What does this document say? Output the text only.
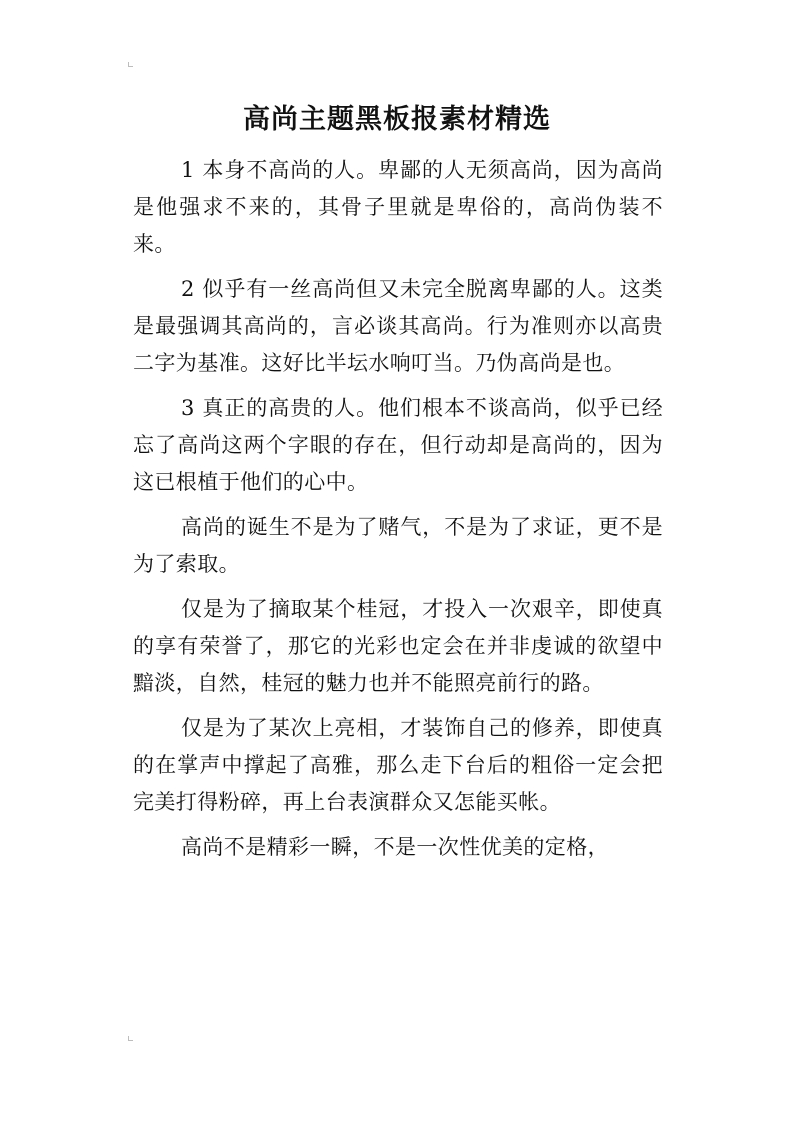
高尚主题黑板报素材精选

1 本身不高尚的人。卑鄙的人无须高尚，因为高尚是他强求不来的，其骨子里就是卑俗的，高尚伪装不来。

2 似乎有一丝高尚但又未完全脱离卑鄙的人。这类是最强调其高尚的，言必谈其高尚。行为准则亦以高贵二字为基准。这好比半坛水响叮当。乃伪高尚是也。

3 真正的高贵的人。他们根本不谈高尚，似乎已经忘了高尚这两个字眼的存在，但行动却是高尚的，因为这已根植于他们的心中。

高尚的诞生不是为了赌气，不是为了求证，更不是为了索取。

仅是为了摘取某个桂冠，才投入一次艰辛，即使真的享有荣誉了，那它的光彩也定会在并非虔诚的欲望中黯淡，自然，桂冠的魅力也并不能照亮前行的路。

仅是为了某次上亮相，才装饰自己的修养，即使真的在掌声中撑起了高雅，那么走下台后的粗俗一定会把完美打得粉碎，再上台表演群众又怎能买帐。

高尚不是精彩一瞬，不是一次性优美的定格，
